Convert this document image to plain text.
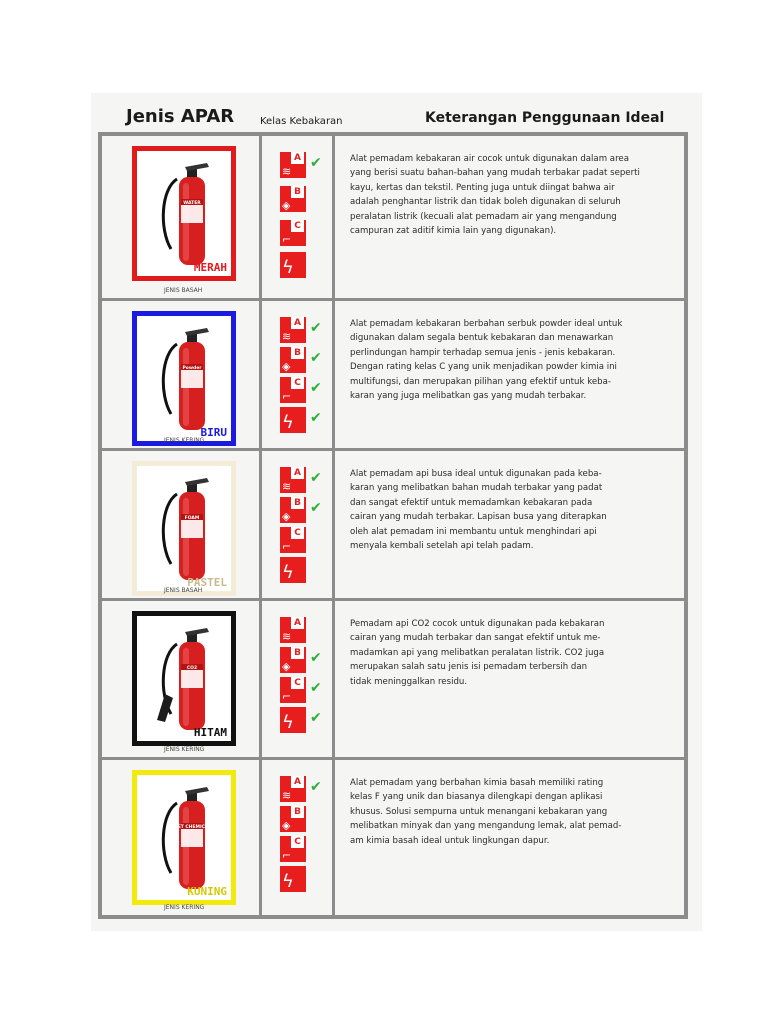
Jenis APAR	Kelas Kebakaran	Keterangan Penggunaan Ideal
WATER
MERAH
JENIS BASAH
≋
A ✔
◈
B
⌐
C
ϟ
Alat pemadam kebakaran air cocok untuk digunakan dalam area
yang berisi suatu bahan-bahan yang mudah terbakar padat seperti
kayu, kertas dan tekstil. Penting juga untuk diingat bahwa air
adalah penghantar listrik dan tidak boleh digunakan di seluruh
peralatan listrik (kecuali alat pemadam air yang mengandung
campuran zat aditif kimia lain yang digunakan).
Powder
BIRU
JENIS KERING
≋
A ✔
◈
B ✔
⌐
C ✔
ϟ ✔
Alat pemadam kebakaran berbahan serbuk powder ideal untuk
digunakan dalam segala bentuk kebakaran dan menawarkan
perlindungan hampir terhadap semua jenis - jenis kebakaran.
Dengan rating kelas C yang unik menjadikan powder kimia ini
multifungsi, dan merupakan pilihan yang efektif untuk keba-
karan yang juga melibatkan gas yang mudah terbakar.
FOAM
PASTEL
JENIS BASAH
≋
A ✔
◈
B ✔
⌐
C
ϟ
Alat pemadam api busa ideal untuk digunakan pada keba-
karan yang melibatkan bahan mudah terbakar yang padat
dan sangat efektif untuk memadamkan kebakaran pada
cairan yang mudah terbakar. Lapisan busa yang diterapkan
oleh alat pemadam ini membantu untuk menghindari api
menyala kembali setelah api telah padam.
CO2
HITAM
JENIS KERING
≋
A
◈
B ✔
⌐
C ✔
ϟ ✔
Pemadam api CO2 cocok untuk digunakan pada kebakaran
cairan yang mudah terbakar dan sangat efektif untuk me-
madamkan api yang melibatkan peralatan listrik. CO2 juga
merupakan salah satu jenis isi pemadam terbersih dan
tidak meninggalkan residu.
WET CHEMICAL
KUNING
JENIS KERING
≋
A ✔
◈
B
⌐
C
ϟ
Alat pemadam yang berbahan kimia basah memiliki rating
kelas F yang unik dan biasanya dilengkapi dengan aplikasi
khusus. Solusi sempurna untuk menangani kebakaran yang
melibatkan minyak dan yang mengandung lemak, alat pemad-
am kimia basah ideal untuk lingkungan dapur.
